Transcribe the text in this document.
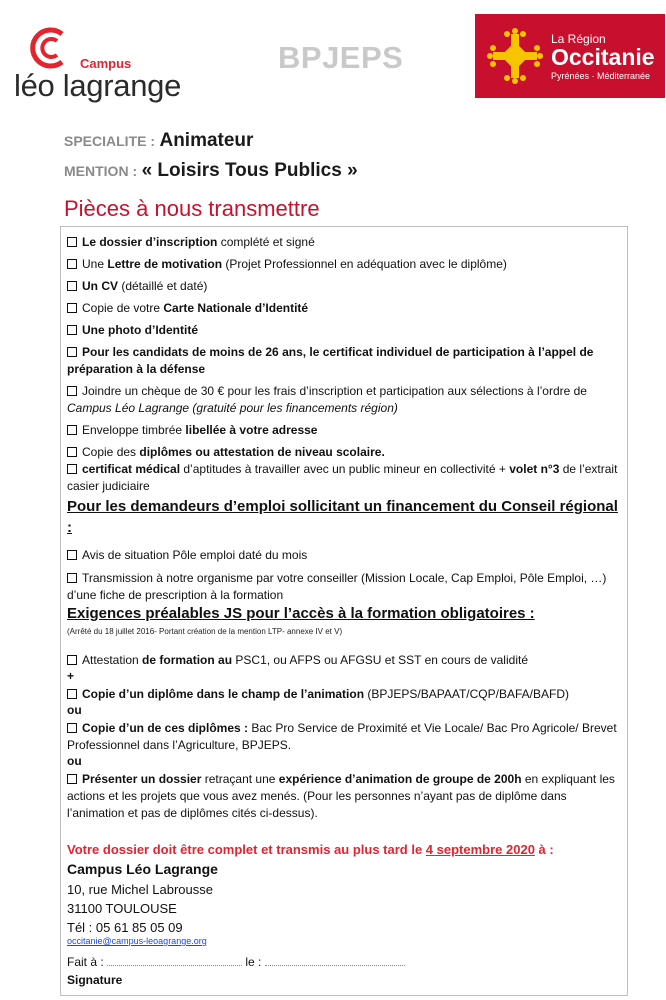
Campus
léo lagrange
BPJEPS
La Région
Occitanie
Pyrénées · Méditerranée
SPECIALITE : Animateur
MENTION : « Loisirs Tous Publics »
Pièces à nous transmettre
Le dossier d’inscription complété et signé
Une Lettre de motivation (Projet Professionnel en adéquation avec le diplôme)
Un CV (détaillé et daté)
Copie de votre Carte Nationale d’Identité
Une photo d’Identité
Pour les candidats de moins de 26 ans, le certificat individuel de participation à l’appel de préparation à la défense
Joindre un chèque de 30 € pour les frais d’inscription et participation aux sélections à l’ordre de Campus Léo Lagrange (gratuité pour les financements région)
Enveloppe timbrée libellée à votre adresse
Copie des diplômes ou attestation de niveau scolaire.
certificat médical d’aptitudes à travailler avec un public mineur en collectivité + volet n°3 de l’extrait casier judiciaire
Pour les demandeurs d’emploi sollicitant un financement du Conseil régional :
Avis de situation Pôle emploi daté du mois
Transmission à notre organisme par votre conseiller (Mission Locale, Cap Emploi, Pôle Emploi, …) d’une fiche de prescription à la formation
Exigences préalables JS pour l’accès à la formation obligatoires :
(Arrêté du 18 juillet 2016- Portant création de la mention LTP- annexe IV et V)
Attestation de formation au PSC1, ou AFPS ou AFGSU et SST en cours de validité
+
Copie d’un diplôme dans le champ de l’animation (BPJEPS/BAPAAT/CQP/BAFA/BAFD)
ou
Copie d’un de ces diplômes : Bac Pro Service de Proximité et Vie Locale/ Bac Pro Agricole/ Brevet Professionnel dans l’Agriculture, BPJEPS.
ou
Présenter un dossier retraçant une expérience d’animation de groupe de 200h en expliquant les actions et les projets que vous avez menés. (Pour les personnes n’ayant pas de diplôme dans l’animation et pas de diplômes cités ci-dessus).
Votre dossier doit être complet et transmis au plus tard le 4 septembre 2020 à :
Campus Léo Lagrange
10, rue Michel Labrousse
31100 TOULOUSE
Tél : 05 61 85 05 09
occitanie@campus-leoagrange.org
Fait à :	le :
Signature
